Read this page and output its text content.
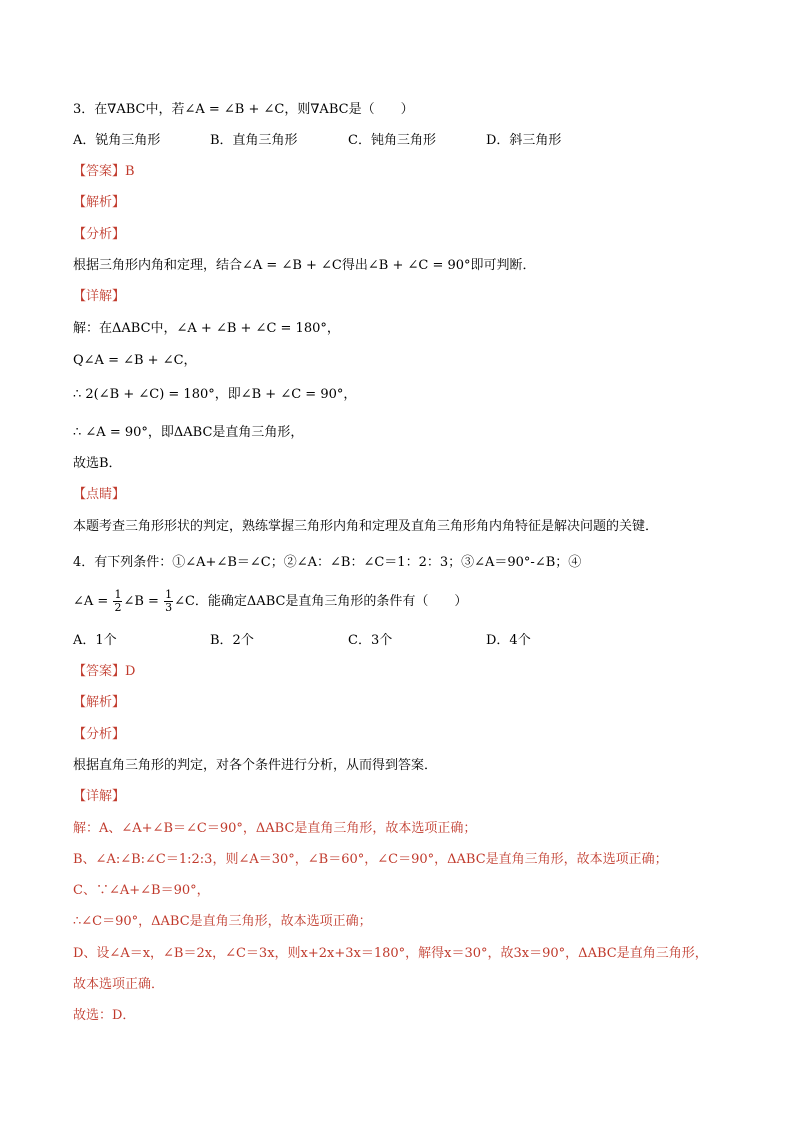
3．在∇ABC中，若∠A = ∠B + ∠C，则∇ABC是（　　）
A．锐角三角形	B．直角三角形	C．钝角三角形	D．斜三角形
【答案】B
【解析】
【分析】
根据三角形内角和定理，结合∠A = ∠B + ∠C得出∠B + ∠C = 90°即可判断．
【详解】
解：在ΔABC中，∠A + ∠B + ∠C = 180°，
Q∠A = ∠B + ∠C，
∴ 2(∠B + ∠C) = 180°，即∠B + ∠C = 90°，
∴ ∠A = 90°，即ΔABC是直角三角形，
故选B．
【点睛】
本题考查三角形形状的判定，熟练掌握三角形内角和定理及直角三角形角内角特征是解决问题的关键．
4．有下列条件：①∠A+∠B＝∠C；②∠A：∠B：∠C＝1：2：3；③∠A＝90°-∠B；④
∠A = $\frac{1}{2}$ ∠B = $\frac{1}{3}$ ∠C．能确定ΔABC是直角三角形的条件有（　　）
A．1个	B．2个	C．3个	D．4个
【答案】D
【解析】
【分析】
根据直角三角形的判定，对各个条件进行分析，从而得到答案．
【详解】
解：A、∠A+∠B＝∠C＝90°，ΔABC是直角三角形，故本选项正确；
B、∠A:∠B:∠C＝1:2:3，则∠A＝30°，∠B＝60°，∠C＝90°，ΔABC是直角三角形，故本选项正确；
C、∵∠A+∠B＝90°，
∴∠C＝90°，ΔABC是直角三角形，故本选项正确；
D、设∠A＝x，∠B＝2x，∠C＝3x，则x+2x+3x＝180°，解得x＝30°，故3x＝90°，ΔABC是直角三角形，
故本选项正确．
故选：D．
